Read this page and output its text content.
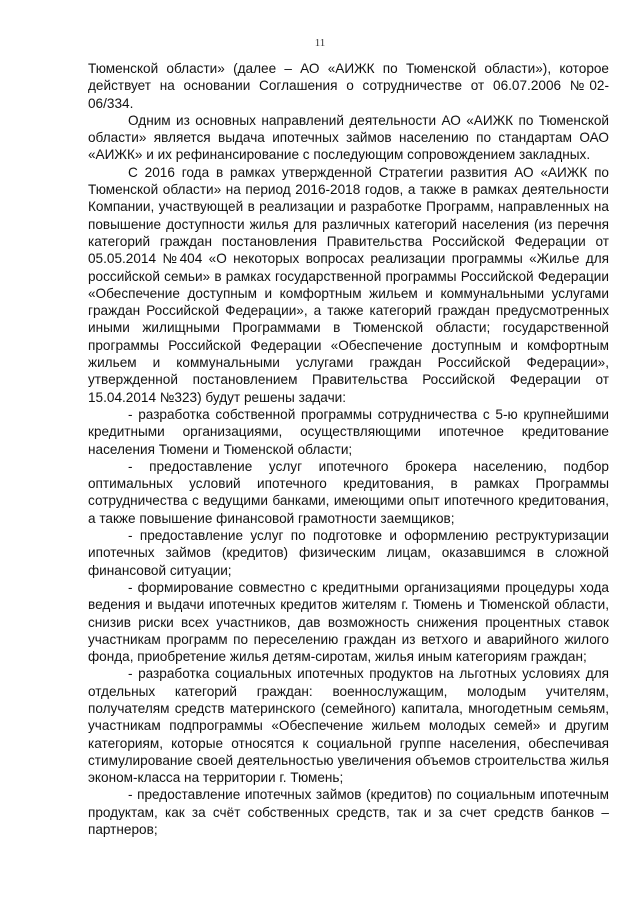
11

Тюменской области» (далее – АО «АИЖК по Тюменской области»), которое действует на основании Соглашения о сотрудничестве от 06.07.2006 №02-06/334.

Одним из основных направлений деятельности АО «АИЖК по Тюменской области» является выдача ипотечных займов населению по стандартам ОАО «АИЖК» и их рефинансирование с последующим сопровождением закладных.

С 2016 года в рамках утвержденной Стратегии развития АО «АИЖК по Тюменской области» на период 2016-2018 годов, а также в рамках деятельности Компании, участвующей в реализации и разработке Программ, направленных на повышение доступности жилья для различных категорий населения (из перечня категорий граждан постановления Правительства Российской Федерации от 05.05.2014 №404 «О некоторых вопросах реализации программы «Жилье для российской семьи» в рамках государственной программы Российской Федерации «Обеспечение доступным и комфортным жильем и коммунальными услугами граждан Российской Федерации», а также категорий граждан предусмотренных иными жилищными Программами в Тюменской области; государственной программы Российской Федерации «Обеспечение доступным и комфортным жильем и коммунальными услугами граждан Российской Федерации», утвержденной постановлением Правительства Российской Федерации от 15.04.2014 №323) будут решены задачи:

- разработка собственной программы сотрудничества с 5-ю крупнейшими кредитными организациями, осуществляющими ипотечное кредитование населения Тюмени и Тюменской области;

- предоставление услуг ипотечного брокера населению, подбор оптимальных условий ипотечного кредитования, в рамках Программы сотрудничества с ведущими банками, имеющими опыт ипотечного кредитования, а также повышение финансовой грамотности заемщиков;

- предоставление услуг по подготовке и оформлению реструктуризации ипотечных займов (кредитов) физическим лицам, оказавшимся в сложной финансовой ситуации;

- формирование совместно с кредитными организациями процедуры хода ведения и выдачи ипотечных кредитов жителям г. Тюмень и Тюменской области, снизив риски всех участников, дав возможность снижения процентных ставок участникам программ по переселению граждан из ветхого и аварийного жилого фонда, приобретение жилья детям-сиротам, жилья иным категориям граждан;

- разработка социальных ипотечных продуктов на льготных условиях для отдельных категорий граждан: военнослужащим, молодым учителям, получателям средств материнского (семейного) капитала, многодетным семьям, участникам подпрограммы «Обеспечение жильем молодых семей» и другим категориям, которые относятся к социальной группе населения, обеспечивая стимулирование своей деятельностью увеличения объемов строительства жилья эконом-класса на территории г. Тюмень;

- предоставление ипотечных займов (кредитов) по социальным ипотечным продуктам, как за счёт собственных средств, так и за счет средств банков – партнеров;
